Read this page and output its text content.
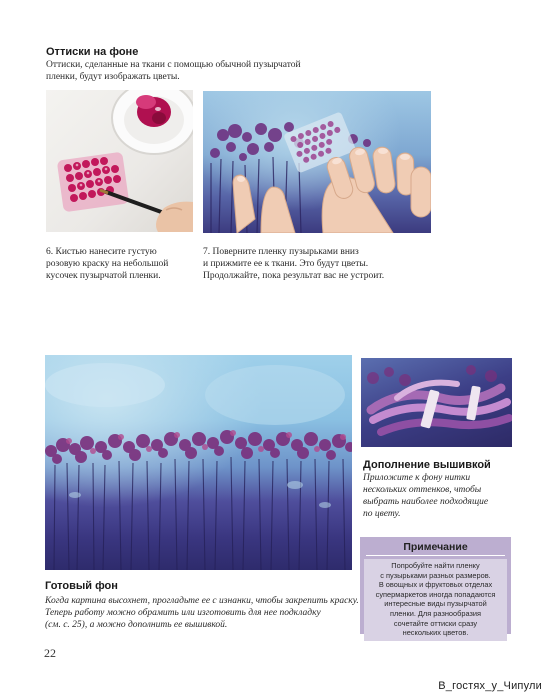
Оттиски на фоне
Оттиски, сделанные на ткани с помощью обычной пузырчатой
пленки, будут изображать цветы.
6. Кистью нанесите густую
розовую краску на небольшой
кусочек пузырчатой пленки.
7. Поверните пленку пузырьками вниз
и прижмите ее к ткани. Это будут цветы.
Продолжайте, пока результат вас не устроит.
Дополнение вышивкой
Приложите к фону нитки
нескольких оттенков, чтобы
выбрать наиболее подходящие
по цвету.
Примечание
Попробуйте найти пленку
с пузырьками разных размеров.
В овощных и фруктовых отделах
супермаркетов иногда попадаются
интересные виды пузырчатой
пленки. Для разнообразия
сочетайте оттиски сразу
нескольких цветов.
Готовый фон
Когда картина высохнет, прогладьте ее с изнанки, чтобы закрепить краску.
Теперь работу можно обрамить или изготовить для нее подкладку
(см. с. 25), а можно дополнить ее вышивкой.
22
В_гостях_у_Чипули
